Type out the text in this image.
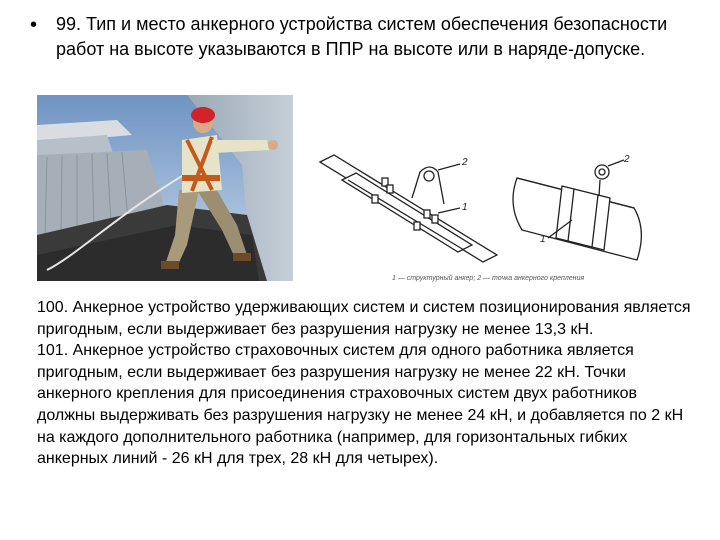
•	99. Тип и место анкерного устройства систем обеспечения безопасности работ на высоте указываются в ППР на высоте или в наряде-допуске.
2
1
2
1
1 — структурный анкер; 2 — точка анкерного крепления

100. Анкерное устройство удерживающих систем и систем позиционирования является пригодным, если выдерживает без разрушения нагрузку не менее 13,3 кН.

101. Анкерное устройство страховочных систем для одного работника является пригодным, если выдерживает без разрушения нагрузку не менее 22 кН. Точки анкерного крепления для присоединения страховочных систем двух работников должны выдерживать без разрушения нагрузку не менее 24 кН, и добавляется по 2 кН на каждого дополнительного работника (например, для горизонтальных гибких анкерных линий - 26 кН для трех, 28 кН для четырех).
